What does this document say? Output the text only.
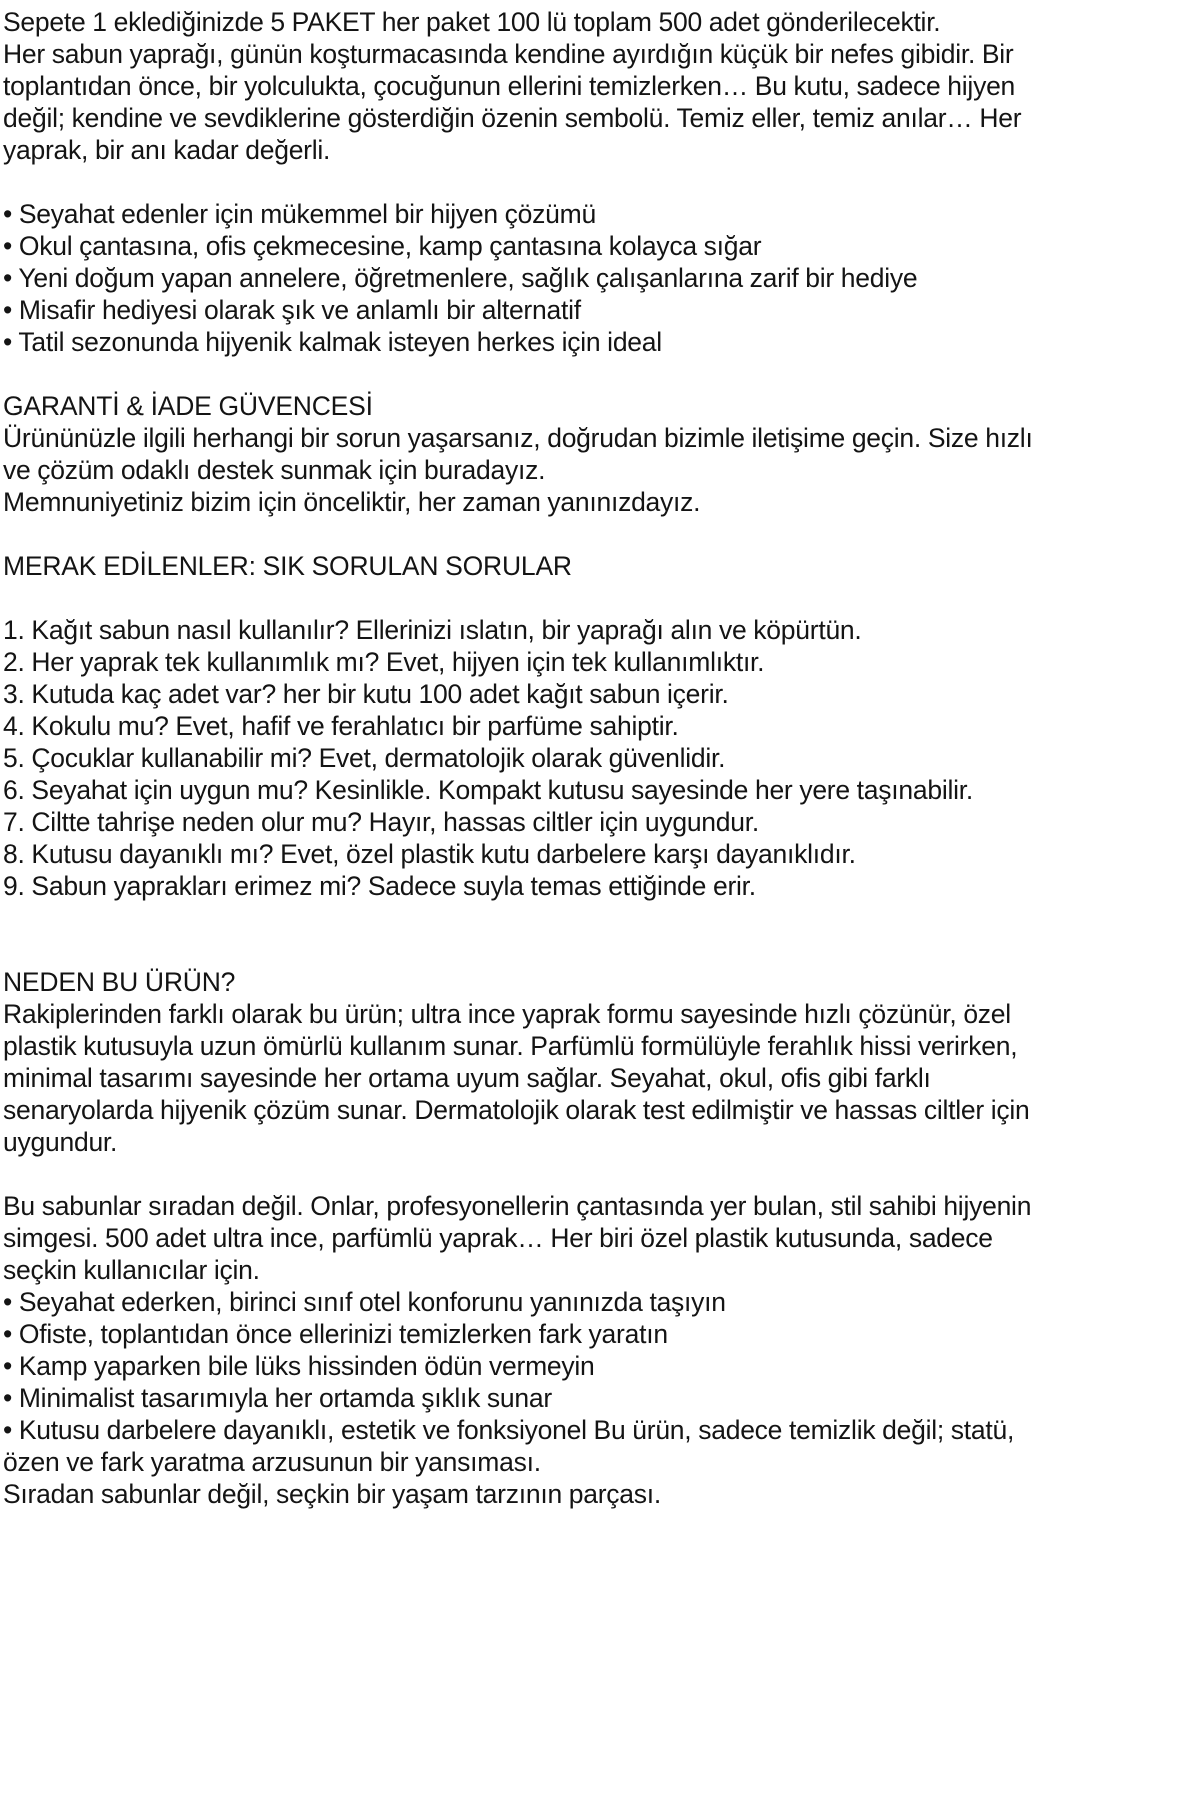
Sepete 1 eklediğinizde 5 PAKET her paket 100 lü toplam 500 adet gönderilecektir.

Her sabun yaprağı, günün koşturmacasında kendine ayırdığın küçük bir nefes gibidir. Bir toplantıdan önce, bir yolculukta, çocuğunun ellerini temizlerken… Bu kutu, sadece hijyen değil; kendine ve sevdiklerine gösterdiğin özenin sembolü. Temiz eller, temiz anılar… Her yaprak, bir anı kadar değerli.

• Seyahat edenler için mükemmel bir hijyen çözümü
• Okul çantasına, ofis çekmecesine, kamp çantasına kolayca sığar
• Yeni doğum yapan annelere, öğretmenlere, sağlık çalışanlarına zarif bir hediye
• Misafir hediyesi olarak şık ve anlamlı bir alternatif
• Tatil sezonunda hijyenik kalmak isteyen herkes için ideal

GARANTİ & İADE GÜVENCESİ

Ürününüzle ilgili herhangi bir sorun yaşarsanız, doğrudan bizimle iletişime geçin. Size hızlı ve çözüm odaklı destek sunmak için buradayız.

Memnuniyetiniz bizim için önceliktir, her zaman yanınızdayız.

MERAK EDİLENLER: SIK SORULAN SORULAR

1. Kağıt sabun nasıl kullanılır? Ellerinizi ıslatın, bir yaprağı alın ve köpürtün.
2. Her yaprak tek kullanımlık mı? Evet, hijyen için tek kullanımlıktır.
3. Kutuda kaç adet var? her bir kutu 100 adet kağıt sabun içerir.
4. Kokulu mu? Evet, hafif ve ferahlatıcı bir parfüme sahiptir.
5. Çocuklar kullanabilir mi? Evet, dermatolojik olarak güvenlidir.
6. Seyahat için uygun mu? Kesinlikle. Kompakt kutusu sayesinde her yere taşınabilir.
7. Ciltte tahrişe neden olur mu? Hayır, hassas ciltler için uygundur.
8. Kutusu dayanıklı mı? Evet, özel plastik kutu darbelere karşı dayanıklıdır.
9. Sabun yaprakları erimez mi? Sadece suyla temas ettiğinde erir.

NEDEN BU ÜRÜN?

Rakiplerinden farklı olarak bu ürün; ultra ince yaprak formu sayesinde hızlı çözünür, özel plastik kutusuyla uzun ömürlü kullanım sunar. Parfümlü formülüyle ferahlık hissi verirken, minimal tasarımı sayesinde her ortama uyum sağlar. Seyahat, okul, ofis gibi farklı senaryolarda hijyenik çözüm sunar. Dermatolojik olarak test edilmiştir ve hassas ciltler için uygundur.

Bu sabunlar sıradan değil. Onlar, profesyonellerin çantasında yer bulan, stil sahibi hijyenin simgesi. 500 adet ultra ince, parfümlü yaprak… Her biri özel plastik kutusunda, sadece seçkin kullanıcılar için.

• Seyahat ederken, birinci sınıf otel konforunu yanınızda taşıyın
• Ofiste, toplantıdan önce ellerinizi temizlerken fark yaratın
• Kamp yaparken bile lüks hissinden ödün vermeyin
• Minimalist tasarımıyla her ortamda şıklık sunar
• Kutusu darbelere dayanıklı, estetik ve fonksiyonel Bu ürün, sadece temizlik değil; statü, özen ve fark yaratma arzusunun bir yansıması.

Sıradan sabunlar değil, seçkin bir yaşam tarzının parçası.
